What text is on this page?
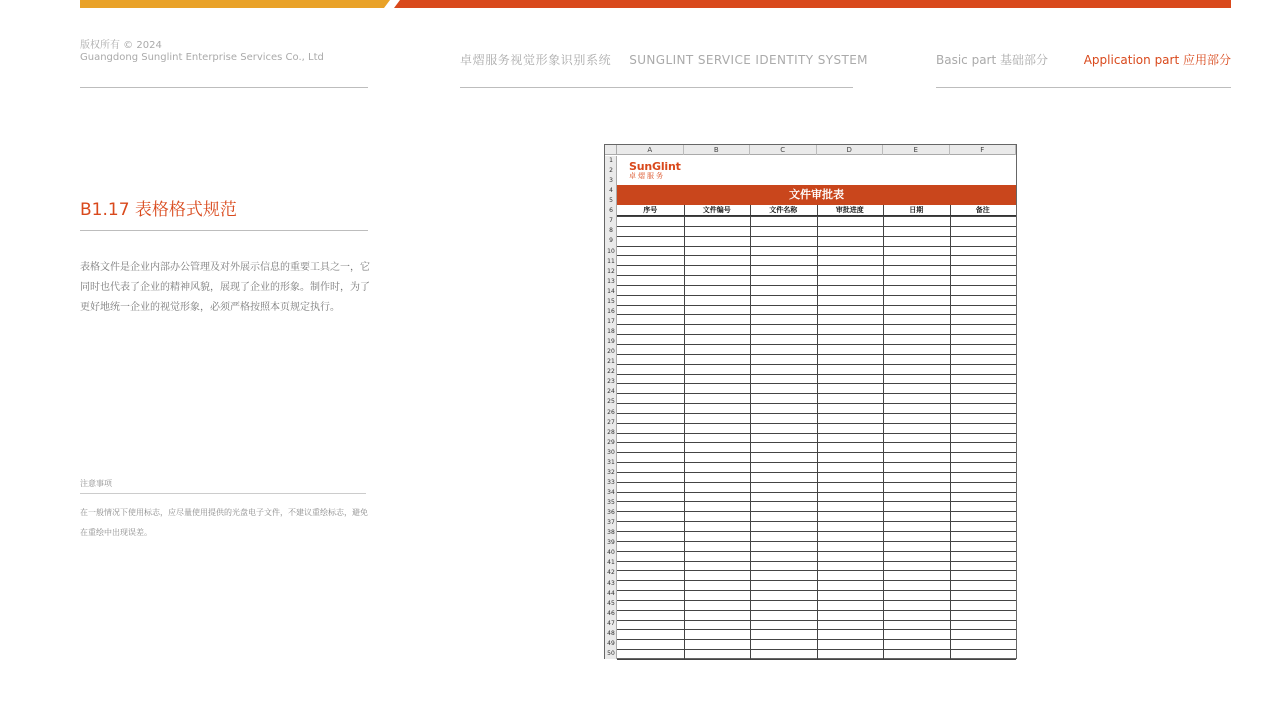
版权所有 © 2024
Guangdong Sunglint Enterprise Services Co., Ltd	卓熠服务视觉形象识别系统 SUNGLINT SERVICE IDENTITY SYSTEM	Basic part 基础部分	Application part 应用部分
B1.17 表格格式规范
表格文件是企业内部办公管理及对外展示信息的重要工具之一，它同时也代表了企业的精神风貌，展现了企业的形象。制作时，为了更好地统一企业的视觉形象，必须严格按照本页规定执行。
注意事项
在一般情况下使用标志，应尽量使用提供的光盘电子文件，不建议重绘标志，避免在重绘中出现误差。
A	B	C	D	E	F
1
2
3
4
5
6
7
8
9
10
11
12
13
14
15
16
17
18
19
20
21
22
23
24
25
26
27
28
29
30
31
32
33
34
35
36
37
38
39
40
41
42
43
44
45
46
47
48
49
50
SunGlint
卓熠服务
文件审批表
序号	文件编号	文件名称	审批进度	日期	备注
